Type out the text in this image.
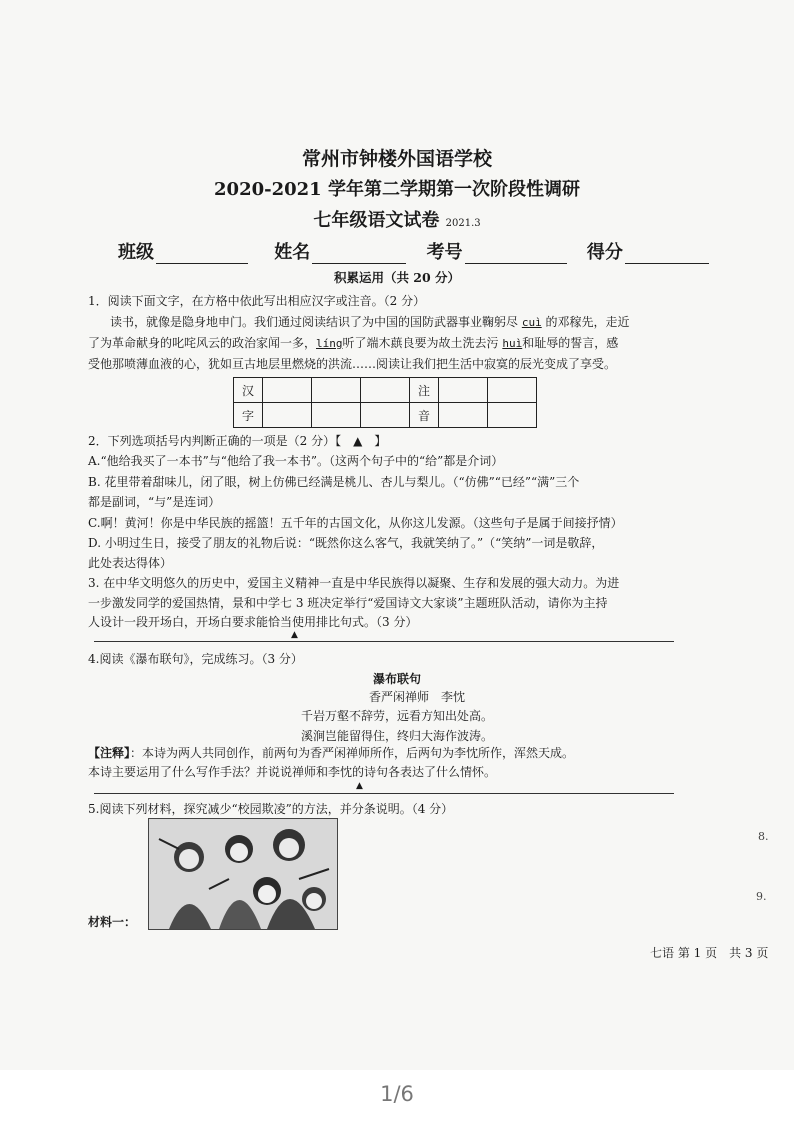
常州市钟楼外国语学校
2020-2021 学年第二学期第一次阶段性调研
七年级语文试卷 2021.3
班级	姓名	考号	得分
积累运用（共 20 分）
1．阅读下面文字，在方格中依此写出相应汉字或注音。（2 分）
读书，就像是隐身地申门。我们通过阅读结识了为中国的国防武器事业鞠躬尽 cuì 的邓稼先，走近
了为革命献身的叱咤风云的政治家闻一多，líng听了端木蕻良要为故土洗去污 huì和耻辱的誓言，感
受他那喷薄血液的心，犹如亘古地层里燃烧的洪流……阅读让我们把生活中寂寞的辰光变成了享受。
汉				注		
字				音		
2．下列选项括号内判断正确的一项是（2 分）【　▲　】
A.“他给我买了一本书”与“他给了我一本书”。（这两个句子中的“给”都是介词）
B. 花里带着甜味儿，闭了眼，树上仿佛已经满是桃儿、杏儿与梨儿。（“仿佛”“已经”“满”三个
都是副词，“与”是连词）
C.啊！黄河！你是中华民族的摇篮！五千年的古国文化，从你这儿发源。（这些句子是属于间接抒情）
D. 小明过生日，接受了朋友的礼物后说：“既然你这么客气，我就笑纳了。”（“笑纳”一词是敬辞，
此处表达得体）
3. 在中华文明悠久的历史中，爱国主义精神一直是中华民族得以凝聚、生存和发展的强大动力。为进
一步激发同学的爱国热情，景和中学七 3 班决定举行“爱国诗文大家谈”主题班队活动，请你为主持
人设计一段开场白，开场白要求能恰当使用排比句式。（3 分）
▲
4.阅读《瀑布联句》，完成练习。（3 分）
瀑布联句
香严闲禅师　李忱
千岩万壑不辞劳，远看方知出处高。
溪涧岂能留得住，终归大海作波涛。
【注释】：本诗为两人共同创作，前两句为香严闲禅师所作，后两句为李忱所作，浑然天成。
本诗主要运用了什么写作手法？并说说禅师和李忱的诗句各表达了什么情怀。
▲
5.阅读下列材料，探究减少“校园欺凌”的方法，并分条说明。（4 分）
材料一：
七语 第 1 页　共 3 页
8.
9.
1/6
